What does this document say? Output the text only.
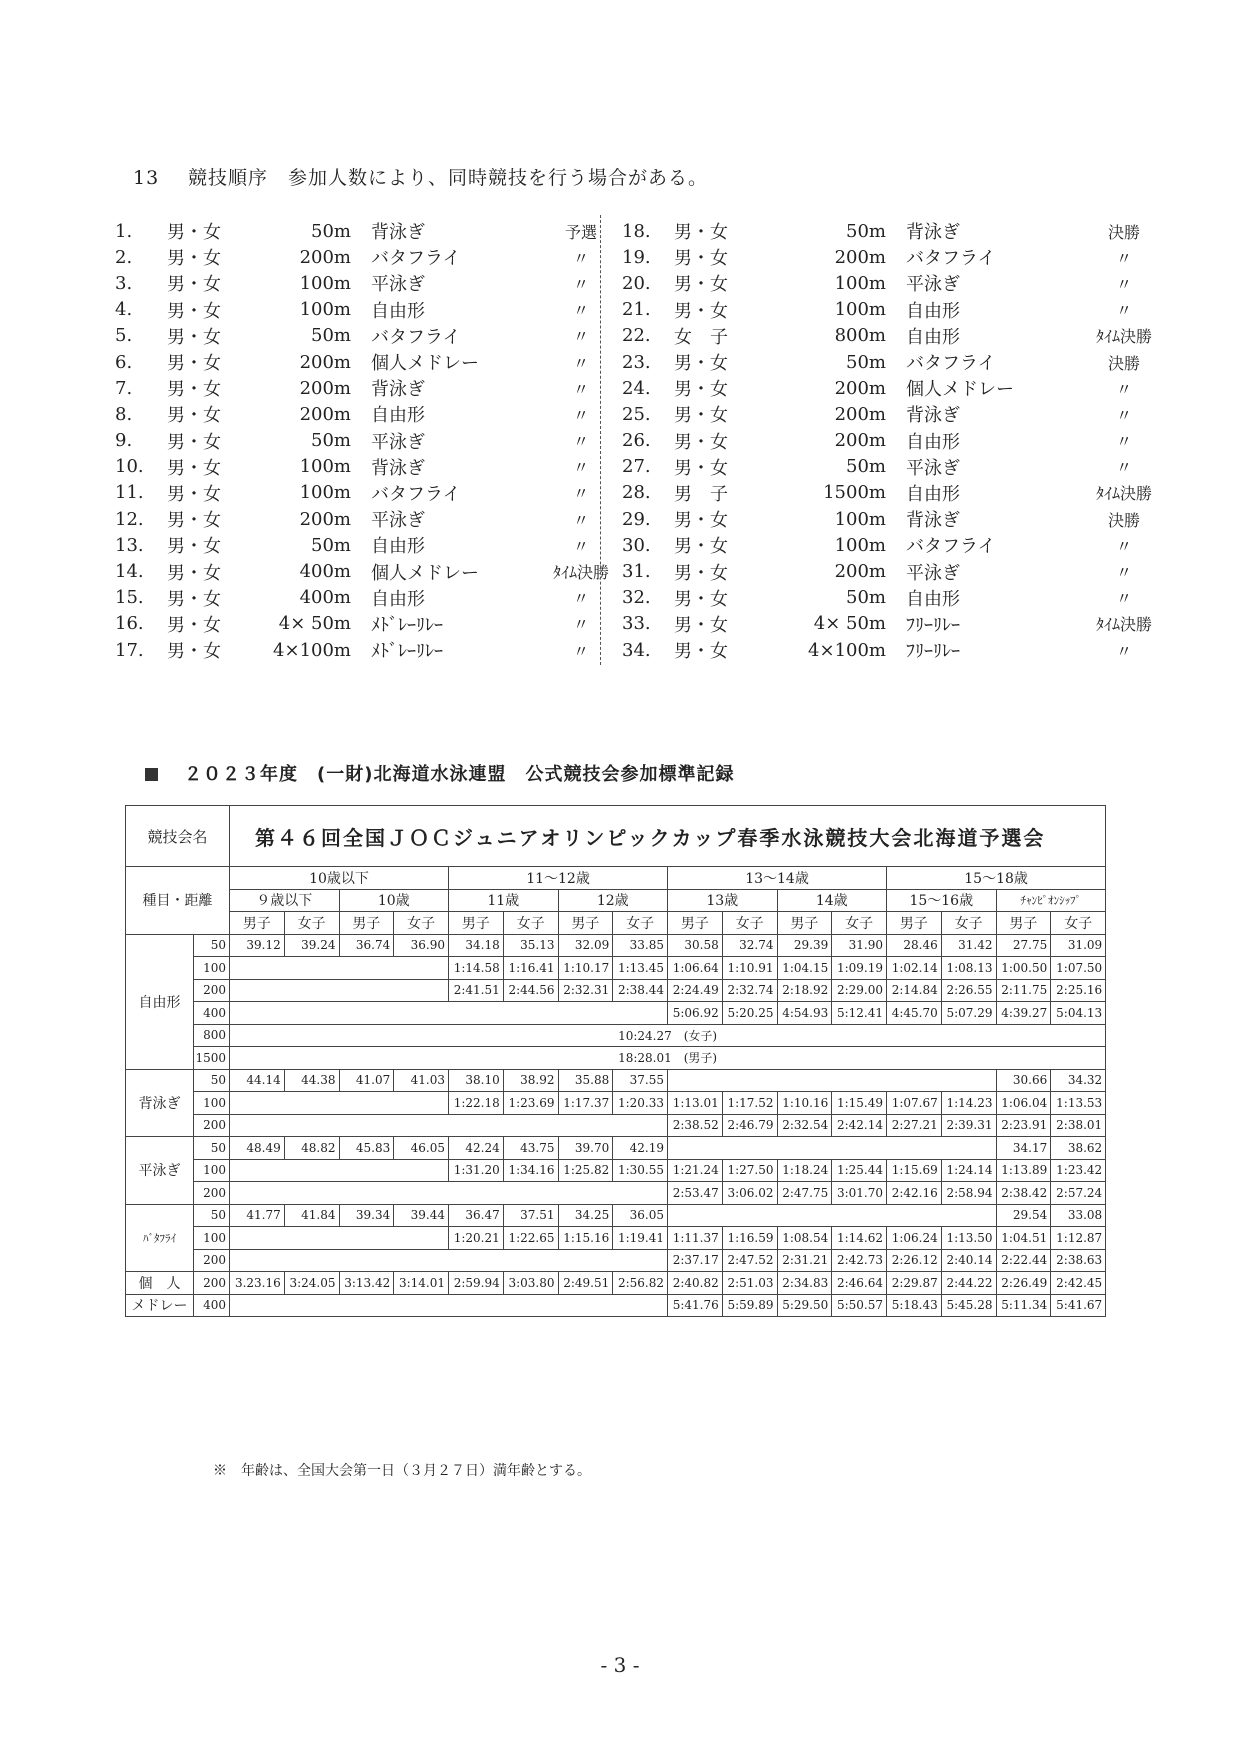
13 競技順序　参加人数により、同時競技を行う場合がある。
1.	男・女	50m	背泳ぎ	予選
2.	男・女	200m	バタフライ	〃
3.	男・女	100m	平泳ぎ	〃
4.	男・女	100m	自由形	〃
5.	男・女	50m	バタフライ	〃
6.	男・女	200m	個人メドレー	〃
7.	男・女	200m	背泳ぎ	〃
8.	男・女	200m	自由形	〃
9.	男・女	50m	平泳ぎ	〃
10.	男・女	100m	背泳ぎ	〃
11.	男・女	100m	バタフライ	〃
12.	男・女	200m	平泳ぎ	〃
13.	男・女	50m	自由形	〃
14.	男・女	400m	個人メドレー	ﾀｲﾑ決勝
15.	男・女	400m	自由形	〃
16.	男・女	4× 50m	ﾒﾄﾞﾚｰﾘﾚｰ	〃
17.	男・女	4×100m	ﾒﾄﾞﾚｰﾘﾚｰ	〃
18.	男・女	50m	背泳ぎ	決勝
19.	男・女	200m	バタフライ	〃
20.	男・女	100m	平泳ぎ	〃
21.	男・女	100m	自由形	〃
22.	女　子	800m	自由形	ﾀｲﾑ決勝
23.	男・女	50m	バタフライ	決勝
24.	男・女	200m	個人メドレー	〃
25.	男・女	200m	背泳ぎ	〃
26.	男・女	200m	自由形	〃
27.	男・女	50m	平泳ぎ	〃
28.	男　子	1500m	自由形	ﾀｲﾑ決勝
29.	男・女	100m	背泳ぎ	決勝
30.	男・女	100m	バタフライ	〃
31.	男・女	200m	平泳ぎ	〃
32.	男・女	50m	自由形	〃
33.	男・女	4× 50m	ﾌﾘｰﾘﾚｰ	ﾀｲﾑ決勝
34.	男・女	4×100m	ﾌﾘｰﾘﾚｰ	〃
２０２３年度　(一財)北海道水泳連盟　公式競技会参加標準記録
競技会名		第４６回全国ＪＯＣジュニアオリンピックカップ春季水泳競技大会北海道予選会															
種目・距離		10歳以下				11～12歳				13～14歳				15～18歳			
		９歳以下		10歳		11歳		12歳		13歳		14歳		15～16歳		ﾁｬﾝﾋﾟｵﾝｼｯﾌﾟ	
		男子	女子	男子	女子	男子	女子	男子	女子	男子	女子	男子	女子	男子	女子	男子	女子
自由形	50	39.12	39.24	36.74	36.90	34.18	35.13	32.09	33.85	30.58	32.74	29.39	31.90	28.46	31.42	27.75	31.09
	100					1:14.58	1:16.41	1:10.17	1:13.45	1:06.64	1:10.91	1:04.15	1:09.19	1:02.14	1:08.13	1:00.50	1:07.50
	200					2:41.51	2:44.56	2:32.31	2:38.44	2:24.49	2:32.74	2:18.92	2:29.00	2:14.84	2:26.55	2:11.75	2:25.16
	400									5:06.92	5:20.25	4:54.93	5:12.41	4:45.70	5:07.29	4:39.27	5:04.13
	800	10:24.27　(女子)															
	1500	18:28.01　(男子)															
背泳ぎ	50	44.14	44.38	41.07	41.03	38.10	38.92	35.88	37.55							30.66	34.32
	100					1:22.18	1:23.69	1:17.37	1:20.33	1:13.01	1:17.52	1:10.16	1:15.49	1:07.67	1:14.23	1:06.04	1:13.53
	200									2:38.52	2:46.79	2:32.54	2:42.14	2:27.21	2:39.31	2:23.91	2:38.01
平泳ぎ	50	48.49	48.82	45.83	46.05	42.24	43.75	39.70	42.19							34.17	38.62
	100					1:31.20	1:34.16	1:25.82	1:30.55	1:21.24	1:27.50	1:18.24	1:25.44	1:15.69	1:24.14	1:13.89	1:23.42
	200									2:53.47	3:06.02	2:47.75	3:01.70	2:42.16	2:58.94	2:38.42	2:57.24
ﾊﾞﾀﾌﾗｲ	50	41.77	41.84	39.34	39.44	36.47	37.51	34.25	36.05							29.54	33.08
	100					1:20.21	1:22.65	1:15.16	1:19.41	1:11.37	1:16.59	1:08.54	1:14.62	1:06.24	1:13.50	1:04.51	1:12.87
	200									2:37.17	2:47.52	2:31.21	2:42.73	2:26.12	2:40.14	2:22.44	2:38.63
個　人	200	3.23.16	3:24.05	3:13.42	3:14.01	2:59.94	3:03.80	2:49.51	2:56.82	2:40.82	2:51.03	2:34.83	2:46.64	2:29.87	2:44.22	2:26.49	2:42.45
メドレー	400									5:41.76	5:59.89	5:29.50	5:50.57	5:18.43	5:45.28	5:11.34	5:41.67
※　年齢は、全国大会第一日（３月２７日）満年齢とする。
- 3 -
